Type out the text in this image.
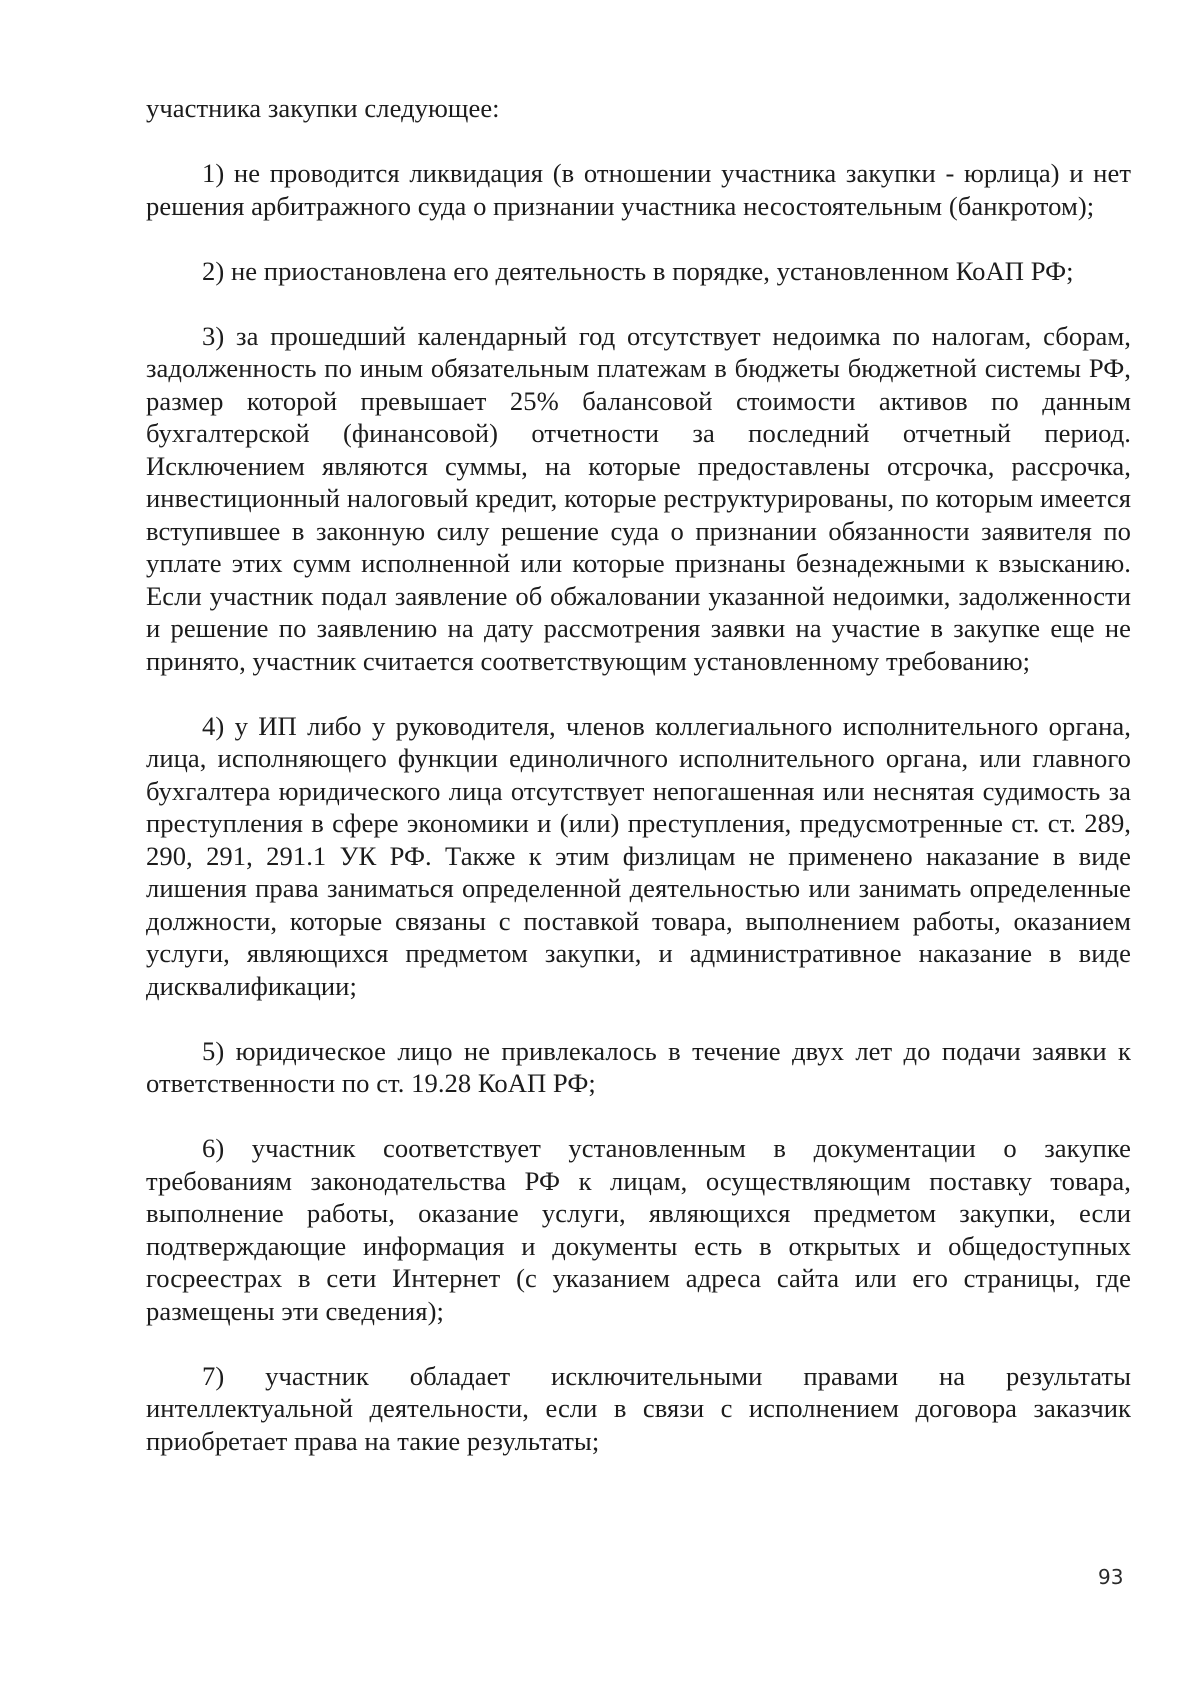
участника закупки следующее:

1) не проводится ликвидация (в отношении участника закупки - юрлица) и нет решения арбитражного суда о признании участника несостоятельным (банкротом);

2) не приостановлена его деятельность в порядке, установленном КоАП РФ;

3) за прошедший календарный год отсутствует недоимка по налогам, сборам, задолженность по иным обязательным платежам в бюджеты бюджетной системы РФ, размер которой превышает 25% балансовой стоимости активов по данным бухгалтерской (финансовой) отчетности за последний отчетный период. Исключением являются суммы, на которые предоставлены отсрочка, рассрочка, инвестиционный налоговый кредит, которые реструктурированы, по которым имеется вступившее в законную силу решение суда о признании обязанности заявителя по уплате этих сумм исполненной или которые признаны безнадежными к взысканию. Если участник подал заявление об обжаловании указанной недоимки, задолженности и решение по заявлению на дату рассмотрения заявки на участие в закупке еще не принято, участник считается соответствующим установленному требованию;

4) у ИП либо у руководителя, членов коллегиального исполнительного органа, лица, исполняющего функции единоличного исполнительного органа, или главного бухгалтера юридического лица отсутствует непогашенная или неснятая судимость за преступления в сфере экономики и (или) преступления, предусмотренные ст. ст. 289, 290, 291, 291.1 УК РФ. Также к этим физлицам не применено наказание в виде лишения права заниматься определенной деятельностью или занимать определенные должности, которые связаны с поставкой товара, выполнением работы, оказанием услуги, являющихся предметом закупки, и административное наказание в виде дисквалификации;

5) юридическое лицо не привлекалось в течение двух лет до подачи заявки к ответственности по ст. 19.28 КоАП РФ;

6) участник соответствует установленным в документации о закупке требованиям законодательства РФ к лицам, осуществляющим поставку товара, выполнение работы, оказание услуги, являющихся предметом закупки, если подтверждающие информация и документы есть в открытых и общедоступных госреестрах в сети Интернет (с указанием адреса сайта или его страницы, где размещены эти сведения);

7) участник обладает исключительными правами на результаты интеллектуальной деятельности, если в связи с исполнением договора заказчик приобретает права на такие результаты;

93
